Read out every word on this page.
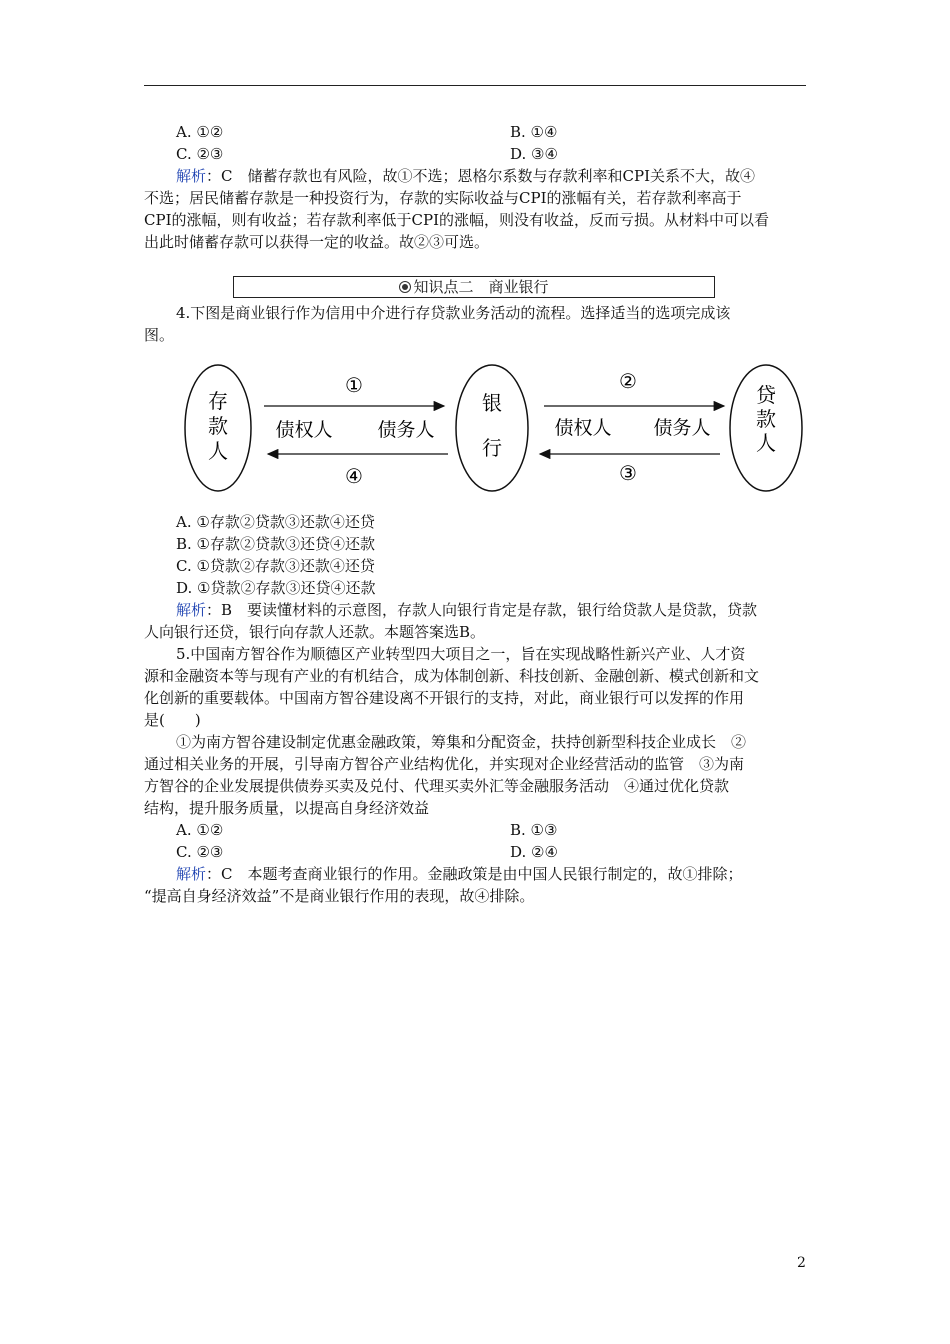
A. ①②	B. ①④
C. ②③	D. ③④
解析：C　储蓄存款也有风险，故①不选；恩格尔系数与存款利率和CPI关系不大，故④
不选；居民储蓄存款是一种投资行为，存款的实际收益与CPI的涨幅有关，若存款利率高于
CPI的涨幅，则有收益；若存款利率低于CPI的涨幅，则没有收益，反而亏损。从材料中可以看
出此时储蓄存款可以获得一定的收益。故②③可选。
知识点二　商业银行
4.下图是商业银行作为信用中介进行存贷款业务活动的流程。选择适当的选项完成该
图。
存
款
人
银
行
贷
款
人
①
④
债权人 债务人
②
③
债权人 债务人
A. ①存款②贷款③还款④还贷
B. ①存款②贷款③还贷④还款
C. ①贷款②存款③还款④还贷
D. ①贷款②存款③还贷④还款
解析：B　要读懂材料的示意图，存款人向银行肯定是存款，银行给贷款人是贷款，贷款
人向银行还贷，银行向存款人还款。本题答案选B。
5.中国南方智谷作为顺德区产业转型四大项目之一，旨在实现战略性新兴产业、人才资
源和金融资本等与现有产业的有机结合，成为体制创新、科技创新、金融创新、模式创新和文
化创新的重要载体。中国南方智谷建设离不开银行的支持，对此，商业银行可以发挥的作用
是(　　)
①为南方智谷建设制定优惠金融政策，筹集和分配资金，扶持创新型科技企业成长　②
通过相关业务的开展，引导南方智谷产业结构优化，并实现对企业经营活动的监管　③为南
方智谷的企业发展提供债券买卖及兑付、代理买卖外汇等金融服务活动　④通过优化贷款
结构，提升服务质量，以提高自身经济效益
A. ①②	B. ①③
C. ②③	D. ②④
解析：C　本题考查商业银行的作用。金融政策是由中国人民银行制定的，故①排除；
“提高自身经济效益”不是商业银行作用的表现，故④排除。
2
